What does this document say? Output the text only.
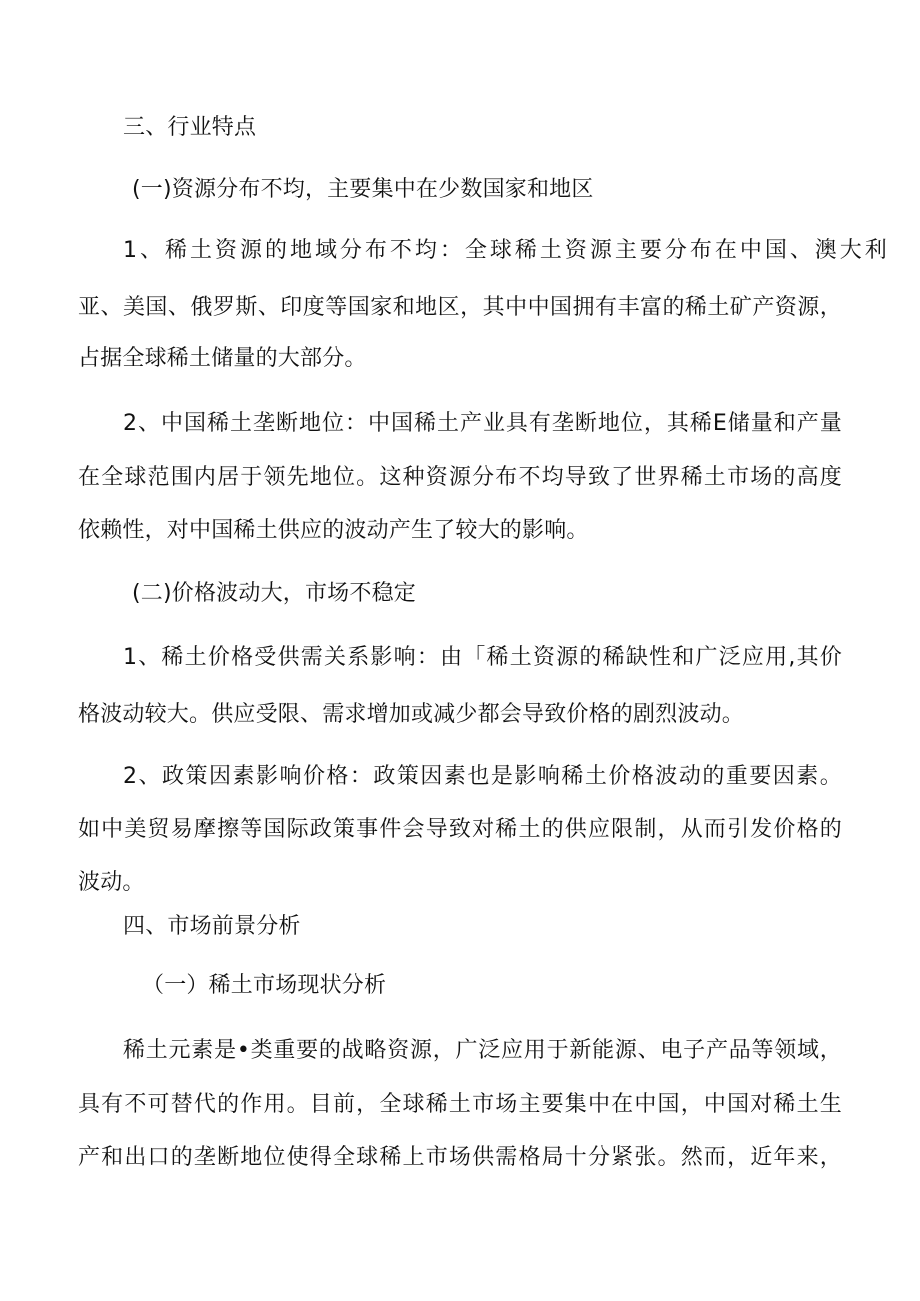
三、行业特点
(一)资源分布不均，主要集中在少数国家和地区
1、稀土资源的地域分布不均：全球稀土资源主要分布在中国、澳大利
亚、美国、俄罗斯、印度等国家和地区，其中中国拥有丰富的稀土矿产资源，
占据全球稀土储量的大部分。
2、中国稀土垄断地位：中国稀土产业具有垄断地位，其稀E储量和产量
在全球范围内居于领先地位。这种资源分布不均导致了世界稀土市场的高度
依赖性，对中国稀土供应的波动产生了较大的影响。
(二)价格波动大，市场不稳定
1、稀土价格受供需关系影响：由「稀土资源的稀缺性和广泛应用,其价
格波动较大。供应受限、需求增加或减少都会导致价格的剧烈波动。
2、政策因素影响价格：政策因素也是影响稀土价格波动的重要因素。
如中美贸易摩擦等国际政策事件会导致对稀土的供应限制，从而引发价格的
波动。
四、市场前景分析
（一）稀土市场现状分析
稀土元素是•类重要的战略资源，广泛应用于新能源、电子产品等领域，
具有不可替代的作用。目前，全球稀土市场主要集中在中国，中国对稀土生
产和出口的垄断地位使得全球稀上市场供需格局十分紧张。然而，近年来，
